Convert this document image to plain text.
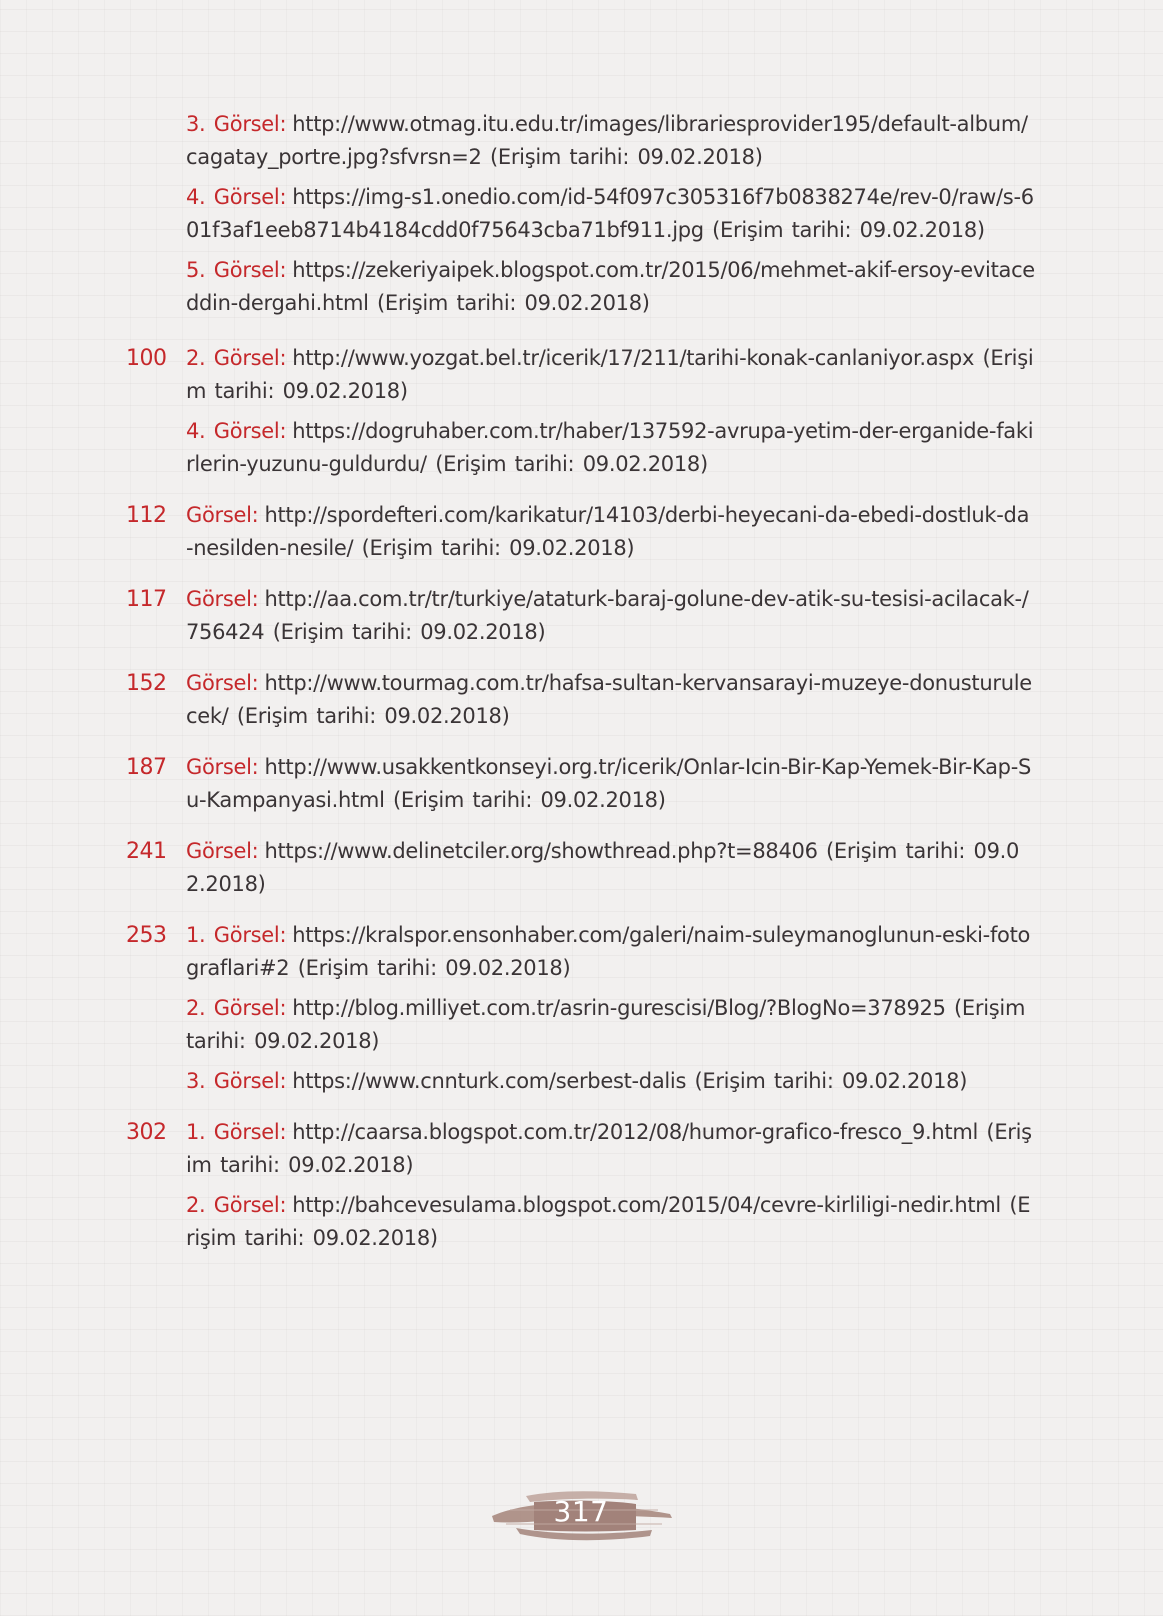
3. Görsel: http://www.otmag.itu.edu.tr/images/librariesprovider195/default-album/cagatay_portre.jpg?sfvrsn=2 (Erişim tarihi: 09.02.2018)
4. Görsel: https://img-s1.onedio.com/id-54f097c305316f7b0838274e/rev-0/raw/s-601f3af1eeb8714b4184cdd0f75643cba71bf911.jpg (Erişim tarihi: 09.02.2018)
5. Görsel: https://zekeriyaipek.blogspot.com.tr/2015/06/mehmet-akif-ersoy-evitaceddin-dergahi.html (Erişim tarihi: 09.02.2018)
100 2. Görsel: http://www.yozgat.bel.tr/icerik/17/211/tarihi-konak-canlaniyor.aspx (Erişim tarihi: 09.02.2018)
4. Görsel: https://dogruhaber.com.tr/haber/137592-avrupa-yetim-der-erganide-fakirlerin-yuzunu-guldurdu/ (Erişim tarihi: 09.02.2018)
112 Görsel: http://spordefteri.com/karikatur/14103/derbi-heyecani-da-ebedi-dostluk-da-nesilden-nesile/ (Erişim tarihi: 09.02.2018)
117 Görsel: http://aa.com.tr/tr/turkiye/ataturk-baraj-golune-dev-atik-su-tesisi-acilacak-/756424 (Erişim tarihi: 09.02.2018)
152 Görsel: http://www.tourmag.com.tr/hafsa-sultan-kervansarayi-muzeye-donusturulecek/ (Erişim tarihi: 09.02.2018)
187 Görsel: http://www.usakkentkonseyi.org.tr/icerik/Onlar-Icin-Bir-Kap-Yemek-Bir-Kap-Su-Kampanyasi.html (Erişim tarihi: 09.02.2018)
241 Görsel: https://www.delinetciler.org/showthread.php?t=88406 (Erişim tarihi: 09.02.2018)
253 1. Görsel: https://kralspor.ensonhaber.com/galeri/naim-suleymanoglunun-eski-fotograflari#2 (Erişim tarihi: 09.02.2018)
2. Görsel: http://blog.milliyet.com.tr/asrin-gurescisi/Blog/?BlogNo=378925 (Erişim tarihi: 09.02.2018)
3. Görsel: https://www.cnnturk.com/serbest-dalis (Erişim tarihi: 09.02.2018)
302 1. Görsel: http://caarsa.blogspot.com.tr/2012/08/humor-grafico-fresco_9.html (Erişim tarihi: 09.02.2018)
2. Görsel: http://bahcevesulama.blogspot.com/2015/04/cevre-kirliligi-nedir.html (Erişim tarihi: 09.02.2018)
317
